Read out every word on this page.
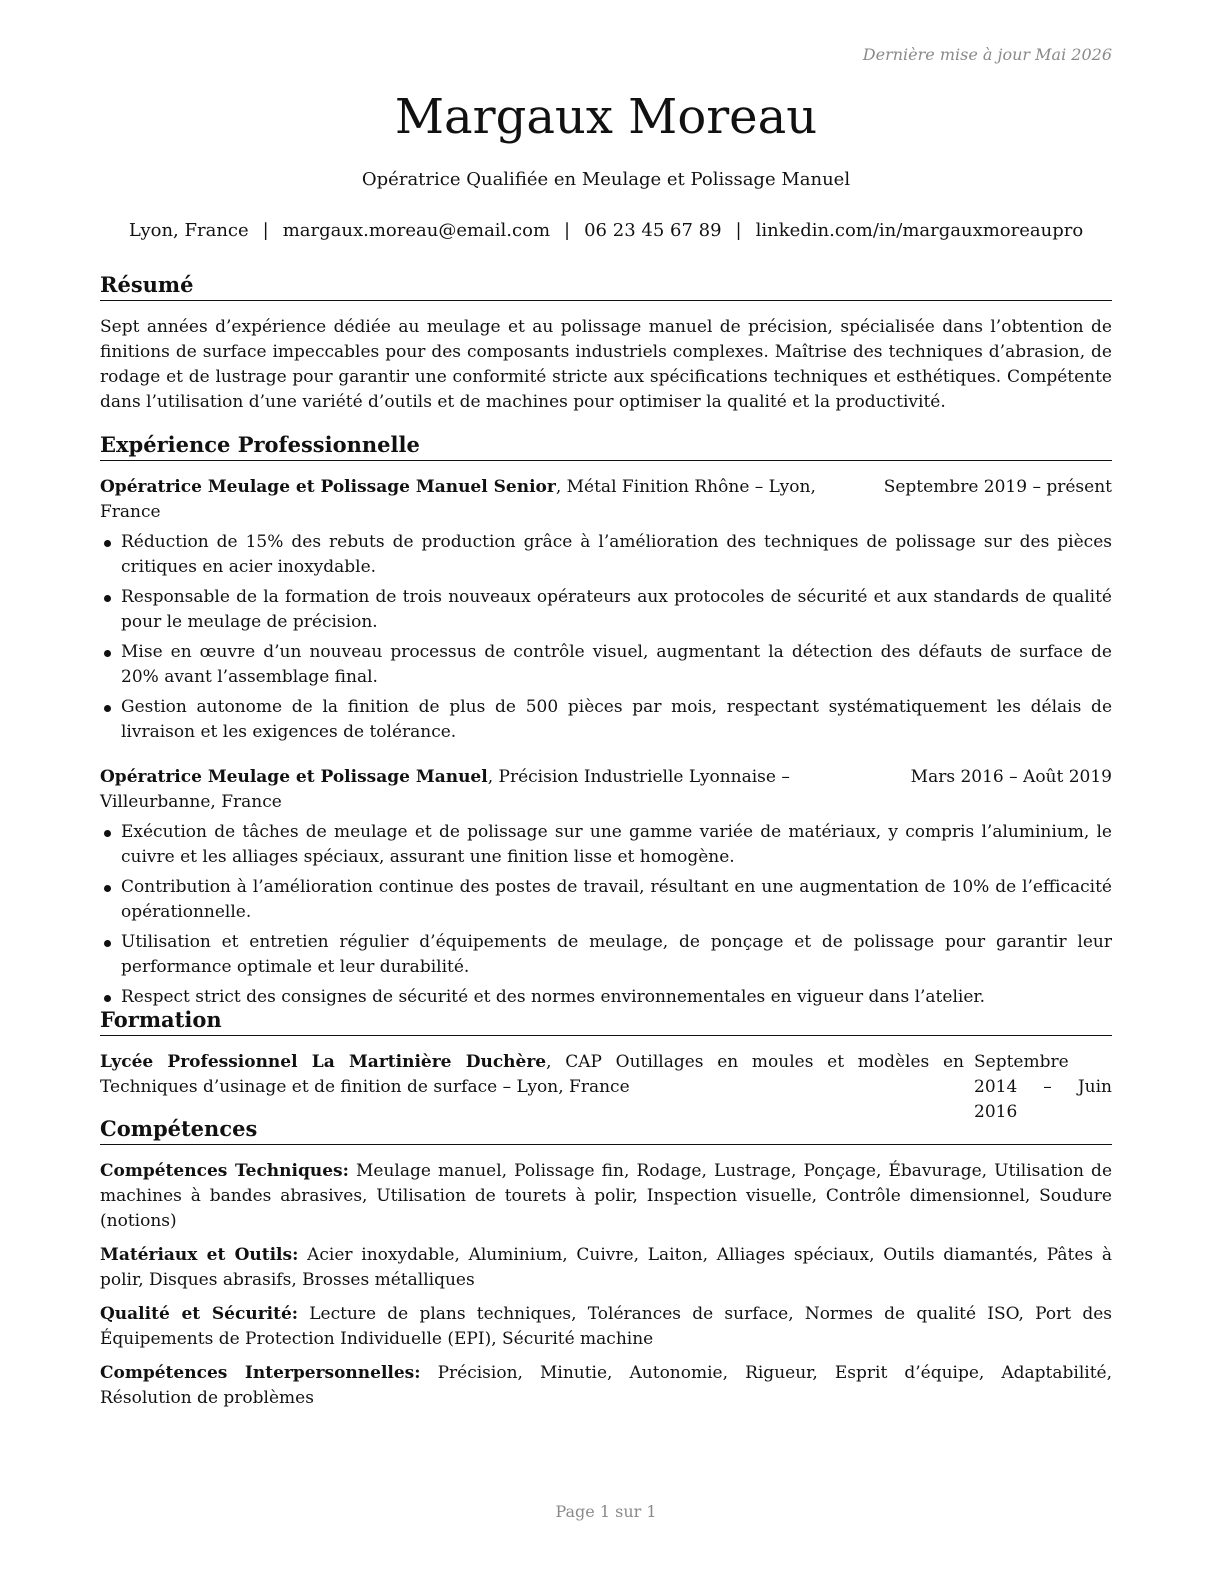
Dernière mise à jour Mai 2026
Margaux Moreau
Opératrice Qualifiée en Meulage et Polissage Manuel
Lyon, France | margaux.moreau@email.com | 06 23 45 67 89 | linkedin.com/in/margauxmoreaupro
Résumé

Sept années d’expérience dédiée au meulage et au polissage manuel de précision, spécialisée dans l’obtention de finitions de surface impeccables pour des composants industriels complexes. Maîtrise des techniques d’abrasion, de rodage et de lustrage pour garantir une conformité stricte aux spécifications techniques et esthétiques. Compétente dans l’utilisation d’une variété d’outils et de machines pour optimiser la qualité et la productivité.

Expérience Professionnelle
Opératrice Meulage et Polissage Manuel Senior, Métal Finition Rhône – Lyon, France
Septembre 2019 – présent
Réduction de 15% des rebuts de production grâce à l’amélioration des techniques de polissage sur des pièces critiques en acier inoxydable.
Responsable de la formation de trois nouveaux opérateurs aux protocoles de sécurité et aux standards de qualité pour le meulage de précision.
Mise en œuvre d’un nouveau processus de contrôle visuel, augmentant la détection des défauts de surface de 20% avant l’assemblage final.
Gestion autonome de la finition de plus de 500 pièces par mois, respectant systématiquement les délais de livraison et les exigences de tolérance.
Opératrice Meulage et Polissage Manuel, Précision Industrielle Lyonnaise – Villeurbanne, France
Mars 2016 – Août 2019
Exécution de tâches de meulage et de polissage sur une gamme variée de matériaux, y compris l’aluminium, le cuivre et les alliages spéciaux, assurant une finition lisse et homogène.
Contribution à l’amélioration continue des postes de travail, résultant en une augmentation de 10% de l’efficacité opérationnelle.
Utilisation et entretien régulier d’équipements de meulage, de ponçage et de polissage pour garantir leur performance optimale et leur durabilité.
Respect strict des consignes de sécurité et des normes environnementales en vigueur dans l’atelier.
Formation
Lycée Professionnel La Martinière Duchère, CAP Outillages en moules et modèles en Techniques d’usinage et de finition de surface – Lyon, France
Septembre 2014 – Juin 2016
Compétences
Compétences Techniques: Meulage manuel, Polissage fin, Rodage, Lustrage, Ponçage, Ébavurage, Utilisation de machines à bandes abrasives, Utilisation de tourets à polir, Inspection visuelle, Contrôle dimensionnel, Soudure (notions)
Matériaux et Outils: Acier inoxydable, Aluminium, Cuivre, Laiton, Alliages spéciaux, Outils diamantés, Pâtes à polir, Disques abrasifs, Brosses métalliques
Qualité et Sécurité: Lecture de plans techniques, Tolérances de surface, Normes de qualité ISO, Port des Équipements de Protection Individuelle (EPI), Sécurité machine
Compétences Interpersonnelles: Précision, Minutie, Autonomie, Rigueur, Esprit d’équipe, Adaptabilité, Résolution de problèmes
Page 1 sur 1
